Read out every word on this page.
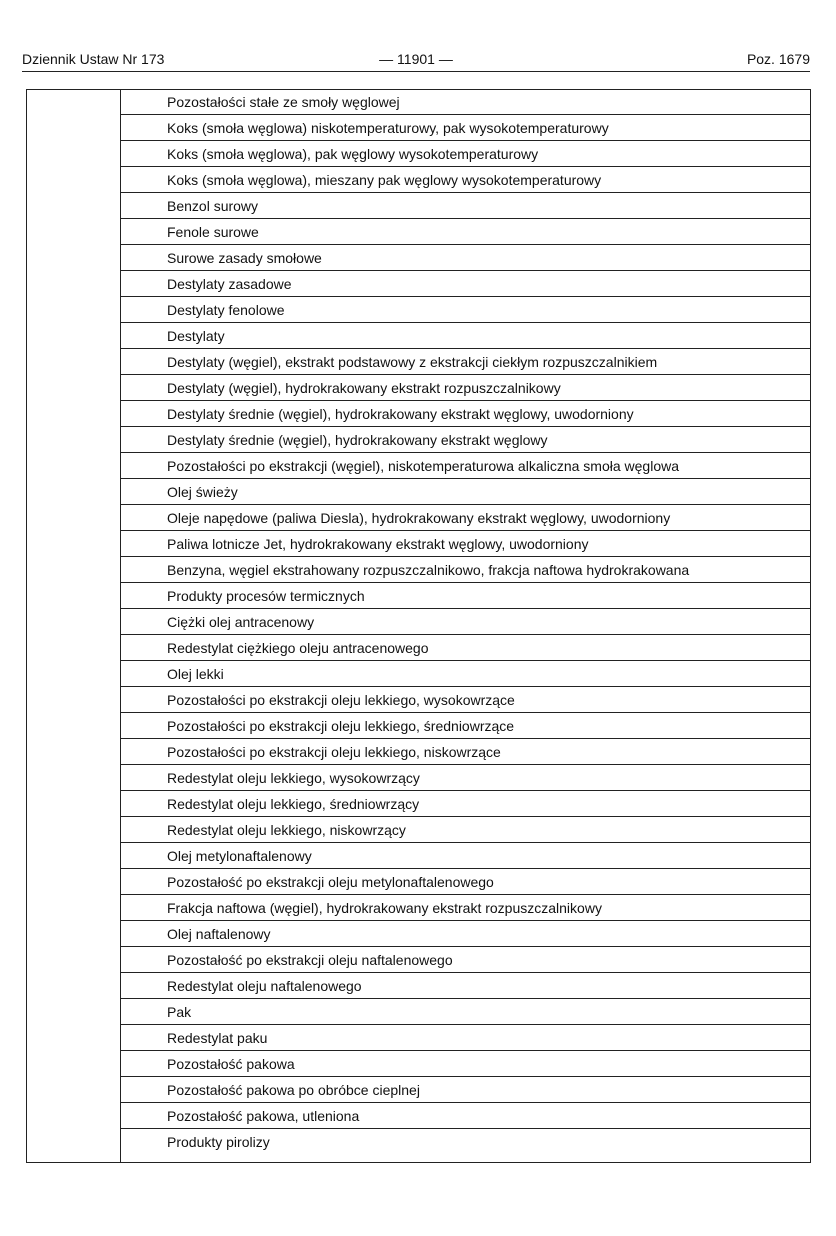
Dziennik Ustaw Nr 173	— 11901 —	Poz. 1679
Pozostałości stałe ze smoły węglowej
Koks (smoła węglowa) niskotemperaturowy, pak wysokotemperaturowy
Koks (smoła węglowa), pak węglowy wysokotemperaturowy
Koks (smoła węglowa), mieszany pak węglowy wysokotemperaturowy
Benzol surowy
Fenole surowe
Surowe zasady smołowe
Destylaty zasadowe
Destylaty fenolowe
Destylaty
Destylaty (węgiel), ekstrakt podstawowy z ekstrakcji ciekłym rozpuszczalnikiem
Destylaty (węgiel), hydrokrakowany ekstrakt rozpuszczalnikowy
Destylaty średnie (węgiel), hydrokrakowany ekstrakt węglowy, uwodorniony
Destylaty średnie (węgiel), hydrokrakowany ekstrakt węglowy
Pozostałości po ekstrakcji (węgiel), niskotemperaturowa alkaliczna smoła węglowa
Olej świeży
Oleje napędowe (paliwa Diesla), hydrokrakowany ekstrakt węglowy, uwodorniony
Paliwa lotnicze Jet, hydrokrakowany ekstrakt węglowy, uwodorniony
Benzyna, węgiel ekstrahowany rozpuszczalnikowo, frakcja naftowa hydrokrakowana
Produkty procesów termicznych
Ciężki olej antracenowy
Redestylat ciężkiego oleju antracenowego
Olej lekki
Pozostałości po ekstrakcji oleju lekkiego, wysokowrzące
Pozostałości po ekstrakcji oleju lekkiego, średniowrzące
Pozostałości po ekstrakcji oleju lekkiego, niskowrzące
Redestylat oleju lekkiego, wysokowrzący
Redestylat oleju lekkiego, średniowrzący
Redestylat oleju lekkiego, niskowrzący
Olej metylonaftalenowy
Pozostałość po ekstrakcji oleju metylonaftalenowego
Frakcja naftowa (węgiel), hydrokrakowany ekstrakt rozpuszczalnikowy
Olej naftalenowy
Pozostałość po ekstrakcji oleju naftalenowego
Redestylat oleju naftalenowego
Pak
Redestylat paku
Pozostałość pakowa
Pozostałość pakowa po obróbce cieplnej
Pozostałość pakowa, utleniona
Produkty pirolizy
